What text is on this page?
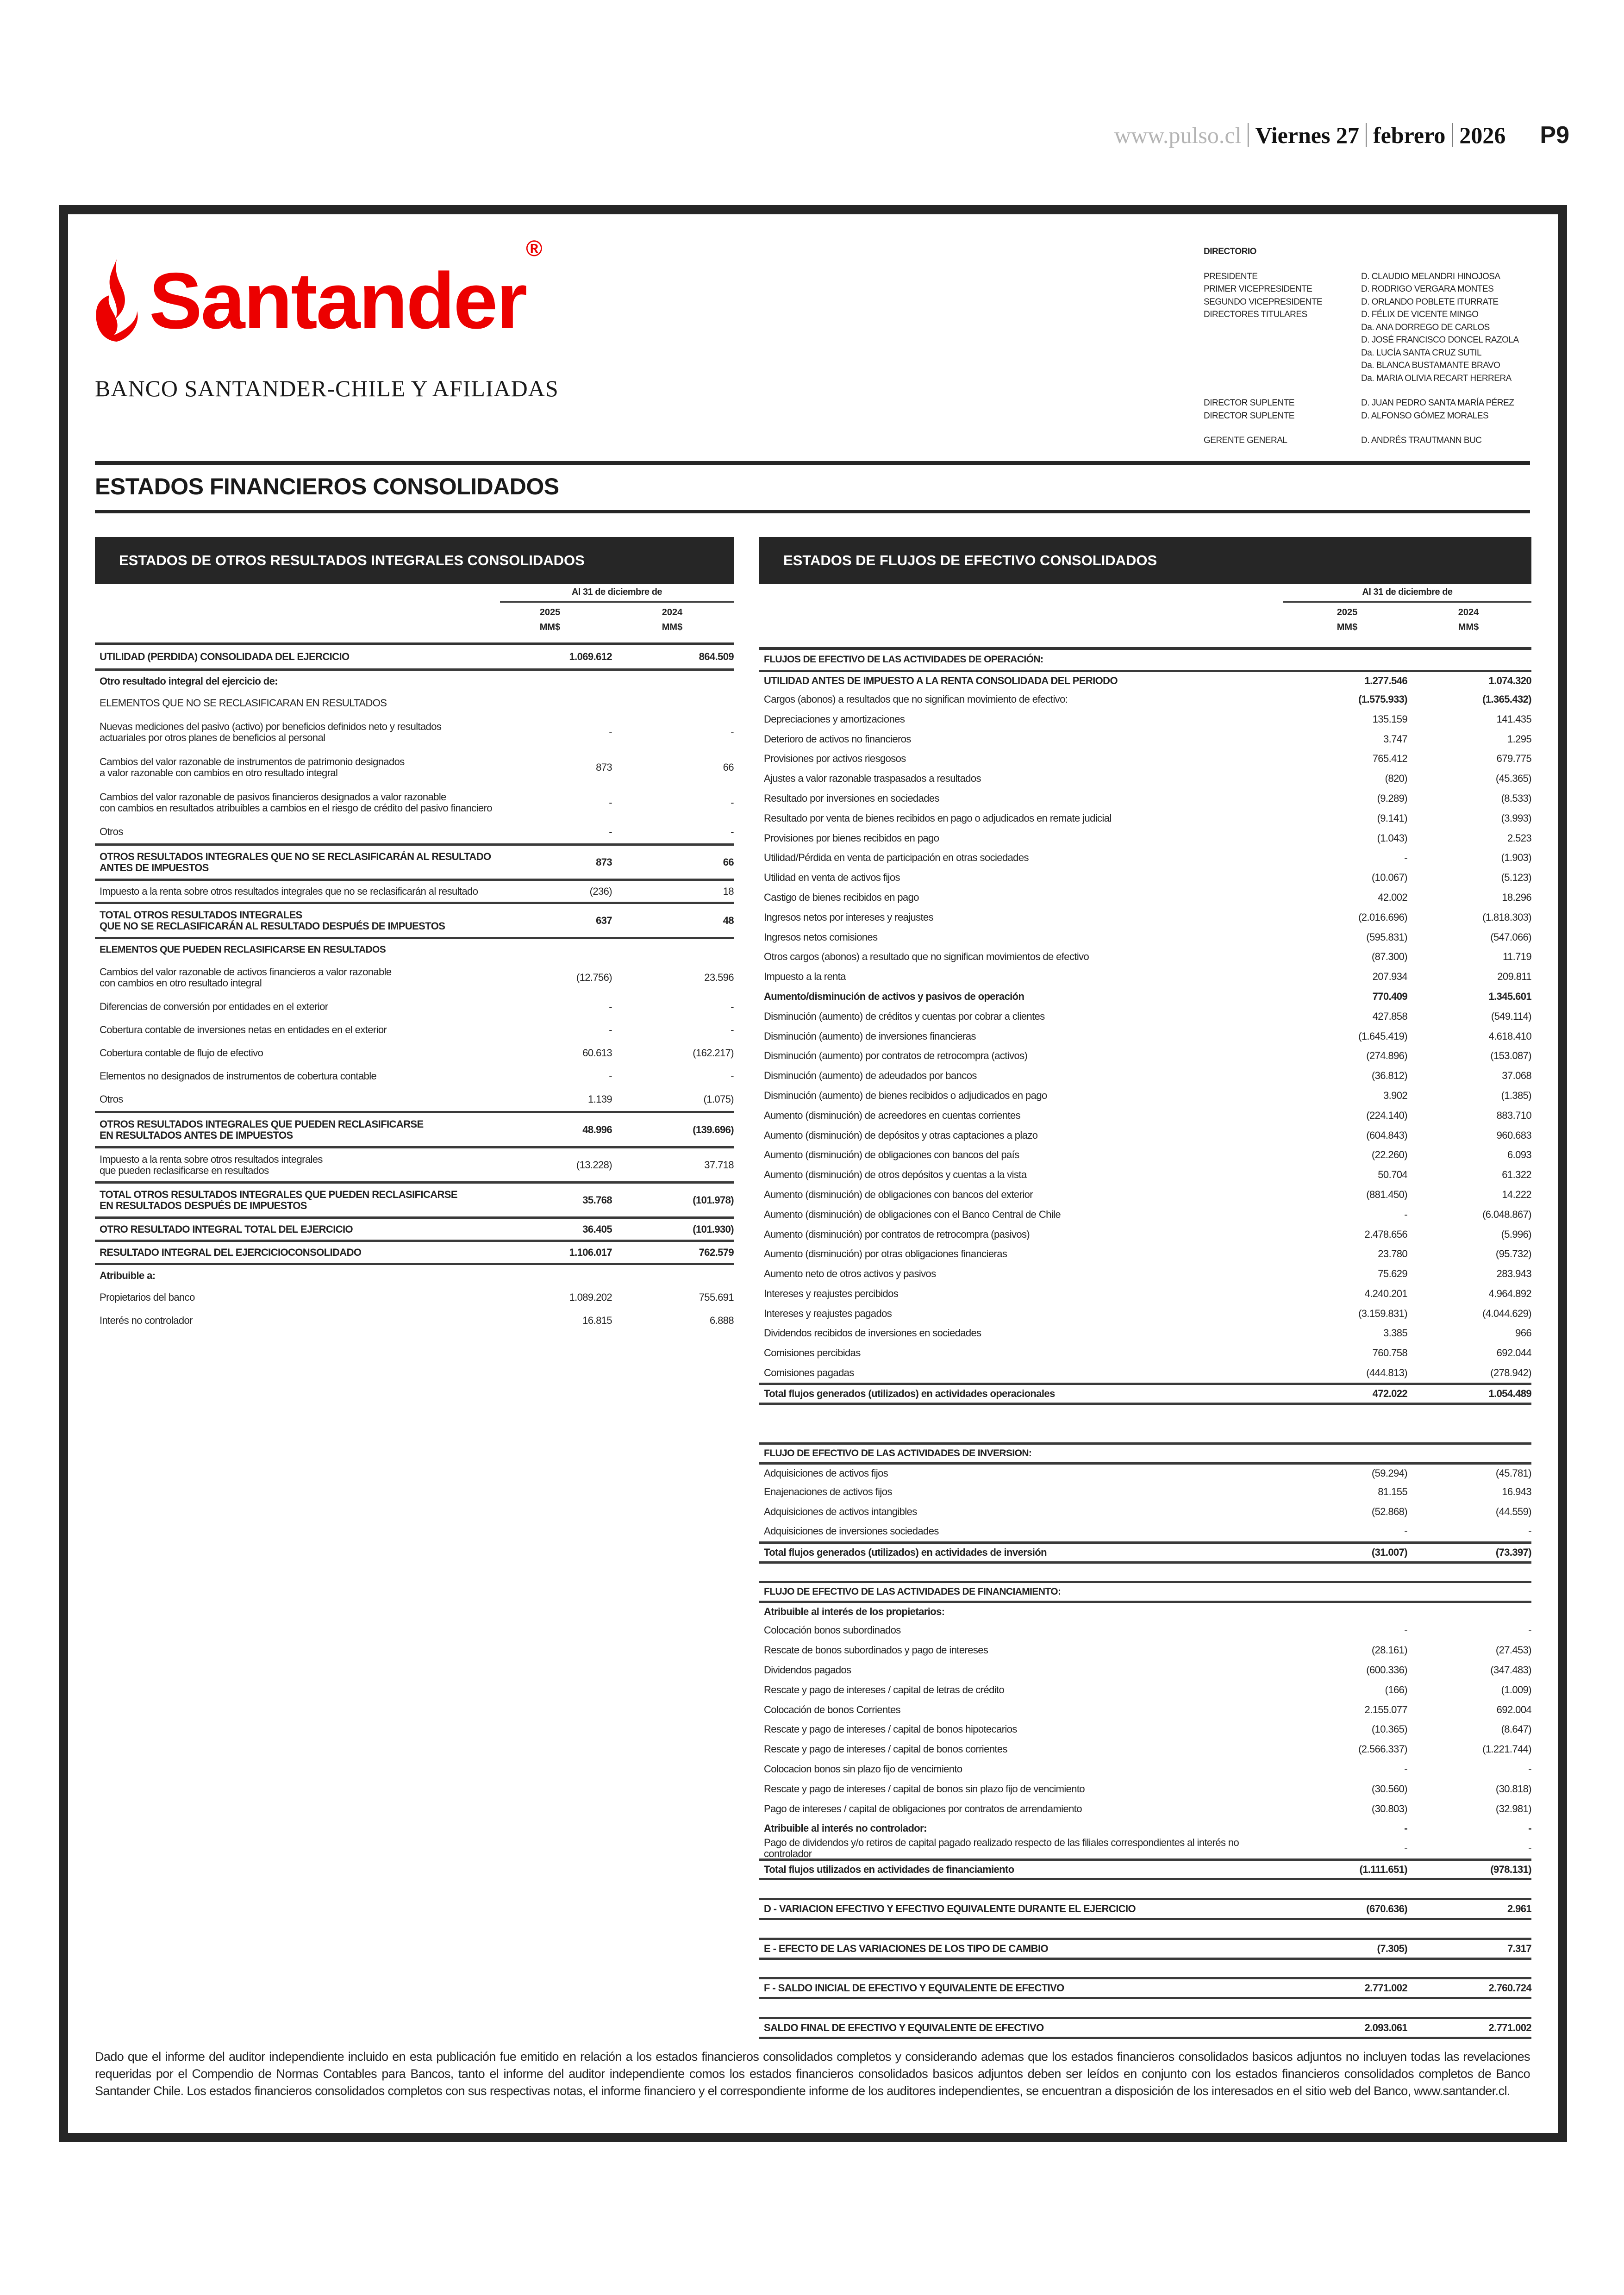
www.pulso.cl Viernes 27 febrero 2026 P9
Santander®
BANCO SANTANDER-CHILE Y AFILIADAS
DIRECTORIO
PRESIDENTE	D. CLAUDIO MELANDRI HINOJOSA
PRIMER VICEPRESIDENTE	D. RODRIGO VERGARA MONTES
SEGUNDO VICEPRESIDENTE	D. ORLANDO POBLETE ITURRATE
DIRECTORES TITULARES	D. FÉLIX DE VICENTE MINGO
Da. ANA DORREGO DE CARLOS
D. JOSÉ FRANCISCO DONCEL RAZOLA
Da. LUCÍA SANTA CRUZ SUTIL
Da. BLANCA BUSTAMANTE BRAVO
Da. MARIA OLIVIA RECART HERRERA
DIRECTOR SUPLENTE	D. JUAN PEDRO SANTA MARÍA PÉREZ
DIRECTOR SUPLENTE	D. ALFONSO GÓMEZ MORALES
GERENTE GENERAL	D. ANDRÉS TRAUTMANN BUC
ESTADOS FINANCIEROS CONSOLIDADOS
ESTADOS DE OTROS RESULTADOS INTEGRALES CONSOLIDADOS	ESTADOS DE FLUJOS DE EFECTIVO CONSOLIDADOS
Al 31 de diciembre de
2025	2024
MM$	MM$
Al 31 de diciembre de
2025	2024
MM$	MM$
UTILIDAD (PERDIDA) CONSOLIDADA DEL EJERCICIO	1.069.612	864.509
Otro resultado integral del ejercicio de:
ELEMENTOS QUE NO SE RECLASIFICARAN EN RESULTADOS
Nuevas mediciones del pasivo (activo) por beneficios definidos neto y resultados
actuariales por otros planes de beneficios al personal	-	-
Cambios del valor razonable de instrumentos de patrimonio designados
a valor razonable con cambios en otro resultado integral	873	66
Cambios del valor razonable de pasivos financieros designados a valor razonable
con cambios en resultados atribuibles a cambios en el riesgo de crédito del pasivo financiero	-	-
Otros	-	-
OTROS RESULTADOS INTEGRALES QUE NO SE RECLASIFICARÁN AL RESULTADO
ANTES DE IMPUESTOS	873	66
Impuesto a la renta sobre otros resultados integrales que no se reclasificarán al resultado	(236)	18
TOTAL OTROS RESULTADOS INTEGRALES
QUE NO SE RECLASIFICARÁN AL RESULTADO DESPUÉS DE IMPUESTOS	637	48
ELEMENTOS QUE PUEDEN RECLASIFICARSE EN RESULTADOS
Cambios del valor razonable de activos financieros a valor razonable
con cambios en otro resultado integral	(12.756)	23.596
Diferencias de conversión por entidades en el exterior	-	-
Cobertura contable de inversiones netas en entidades en el exterior	-	-
Cobertura contable de flujo de efectivo	60.613	(162.217)
Elementos no designados de instrumentos de cobertura contable	-	-
Otros	1.139	(1.075)
OTROS RESULTADOS INTEGRALES QUE PUEDEN RECLASIFICARSE
EN RESULTADOS ANTES DE IMPUESTOS	48.996	(139.696)
Impuesto a la renta sobre otros resultados integrales
que pueden reclasificarse en resultados	(13.228)	37.718
TOTAL OTROS RESULTADOS INTEGRALES QUE PUEDEN RECLASIFICARSE
EN RESULTADOS DESPUÉS DE IMPUESTOS	35.768	(101.978)
OTRO RESULTADO INTEGRAL TOTAL DEL EJERCICIO	36.405	(101.930)
RESULTADO INTEGRAL DEL EJERCICIOCONSOLIDADO	1.106.017	762.579
Atribuible a:
Propietarios del banco	1.089.202	755.691
Interés no controlador	16.815	6.888
FLUJOS DE EFECTIVO DE LAS ACTIVIDADES DE OPERACIÓN:
UTILIDAD ANTES DE IMPUESTO A LA RENTA CONSOLIDADA DEL PERIODO	1.277.546	1.074.320
Cargos (abonos) a resultados que no significan movimiento de efectivo:	(1.575.933)	(1.365.432)
Depreciaciones y amortizaciones	135.159	141.435
Deterioro de activos no financieros	3.747	1.295
Provisiones por activos riesgosos	765.412	679.775
Ajustes a valor razonable traspasados a resultados	(820)	(45.365)
Resultado por inversiones en sociedades	(9.289)	(8.533)
Resultado por venta de bienes recibidos en pago o adjudicados en remate judicial	(9.141)	(3.993)
Provisiones por bienes recibidos en pago	(1.043)	2.523
Utilidad/Pérdida en venta de participación en otras sociedades	-	(1.903)
Utilidad en venta de activos fijos	(10.067)	(5.123)
Castigo de bienes recibidos en pago	42.002	18.296
Ingresos netos por intereses y reajustes	(2.016.696)	(1.818.303)
Ingresos netos comisiones	(595.831)	(547.066)
Otros cargos (abonos) a resultado que no significan movimientos de efectivo	(87.300)	11.719
Impuesto a la renta	207.934	209.811
Aumento/disminución de activos y pasivos de operación	770.409	1.345.601
Disminución (aumento) de créditos y cuentas por cobrar a clientes	427.858	(549.114)
Disminución (aumento) de inversiones financieras	(1.645.419)	4.618.410
Disminución (aumento) por contratos de retrocompra (activos)	(274.896)	(153.087)
Disminución (aumento) de adeudados por bancos	(36.812)	37.068
Disminución (aumento) de bienes recibidos o adjudicados en pago	3.902	(1.385)
Aumento (disminución) de acreedores en cuentas corrientes	(224.140)	883.710
Aumento (disminución) de depósitos y otras captaciones a plazo	(604.843)	960.683
Aumento (disminución) de obligaciones con bancos del país	(22.260)	6.093
Aumento (disminución) de otros depósitos y cuentas a la vista	50.704	61.322
Aumento (disminución) de obligaciones con bancos del exterior	(881.450)	14.222
Aumento (disminución) de obligaciones con el Banco Central de Chile	-	(6.048.867)
Aumento (disminución) por contratos de retrocompra (pasivos)	2.478.656	(5.996)
Aumento (disminución) por otras obligaciones financieras	23.780	(95.732)
Aumento neto de otros activos y pasivos	75.629	283.943
Intereses y reajustes percibidos	4.240.201	4.964.892
Intereses y reajustes pagados	(3.159.831)	(4.044.629)
Dividendos recibidos de inversiones en sociedades	3.385	966
Comisiones percibidas	760.758	692.044
Comisiones pagadas	(444.813)	(278.942)
Total flujos generados (utilizados) en actividades operacionales	472.022	1.054.489
FLUJO DE EFECTIVO DE LAS ACTIVIDADES DE INVERSION:
Adquisiciones de activos fijos	(59.294)	(45.781)
Enajenaciones de activos fijos	81.155	16.943
Adquisiciones de activos intangibles	(52.868)	(44.559)
Adquisiciones de inversiones sociedades	-	-
Total flujos generados (utilizados) en actividades de inversión	(31.007)	(73.397)
FLUJO DE EFECTIVO DE LAS ACTIVIDADES DE FINANCIAMIENTO:
Atribuible al interés de los propietarios:
Colocación bonos subordinados	-	-
Rescate de bonos subordinados y pago de intereses	(28.161)	(27.453)
Dividendos pagados	(600.336)	(347.483)
Rescate y pago de intereses / capital de letras de crédito	(166)	(1.009)
Colocación de bonos Corrientes	2.155.077	692.004
Rescate y pago de intereses / capital de bonos hipotecarios	(10.365)	(8.647)
Rescate y pago de intereses / capital de bonos corrientes	(2.566.337)	(1.221.744)
Colocacion bonos sin plazo fijo de vencimiento	-	-
Rescate y pago de intereses / capital de bonos sin plazo fijo de vencimiento	(30.560)	(30.818)
Pago de intereses / capital de obligaciones por contratos de arrendamiento	(30.803)	(32.981)
Atribuible al interés no controlador:	-	-
Pago de dividendos y/o retiros de capital pagado realizado respecto de las filiales correspondientes al interés no controlador	-	-
Total flujos utilizados en actividades de financiamiento	(1.111.651)	(978.131)
D - VARIACION EFECTIVO Y EFECTIVO EQUIVALENTE DURANTE EL EJERCICIO	(670.636)	2.961
E - EFECTO DE LAS VARIACIONES DE LOS TIPO DE CAMBIO	(7.305)	7.317
F - SALDO INICIAL DE EFECTIVO Y EQUIVALENTE DE EFECTIVO	2.771.002	2.760.724
SALDO FINAL DE EFECTIVO Y EQUIVALENTE DE EFECTIVO	2.093.061	2.771.002
Dado que el informe del auditor independiente incluido en esta publicación fue emitido en relación a los estados financieros consolidados completos y considerando ademas que los estados financieros consolidados basicos adjuntos no incluyen todas las revelaciones requeridas por el Compendio de Normas Contables para Bancos, tanto el informe del auditor independiente comos los estados financieros consolidados basicos adjuntos deben ser leídos en conjunto con los estados financieros consolidados completos de Banco Santander Chile. Los estados financieros consolidados completos con sus respectivas notas, el informe financiero y el correspondiente informe de los auditores independientes, se encuentran a disposición de los interesados en el sitio web del Banco, www.santander.cl.
